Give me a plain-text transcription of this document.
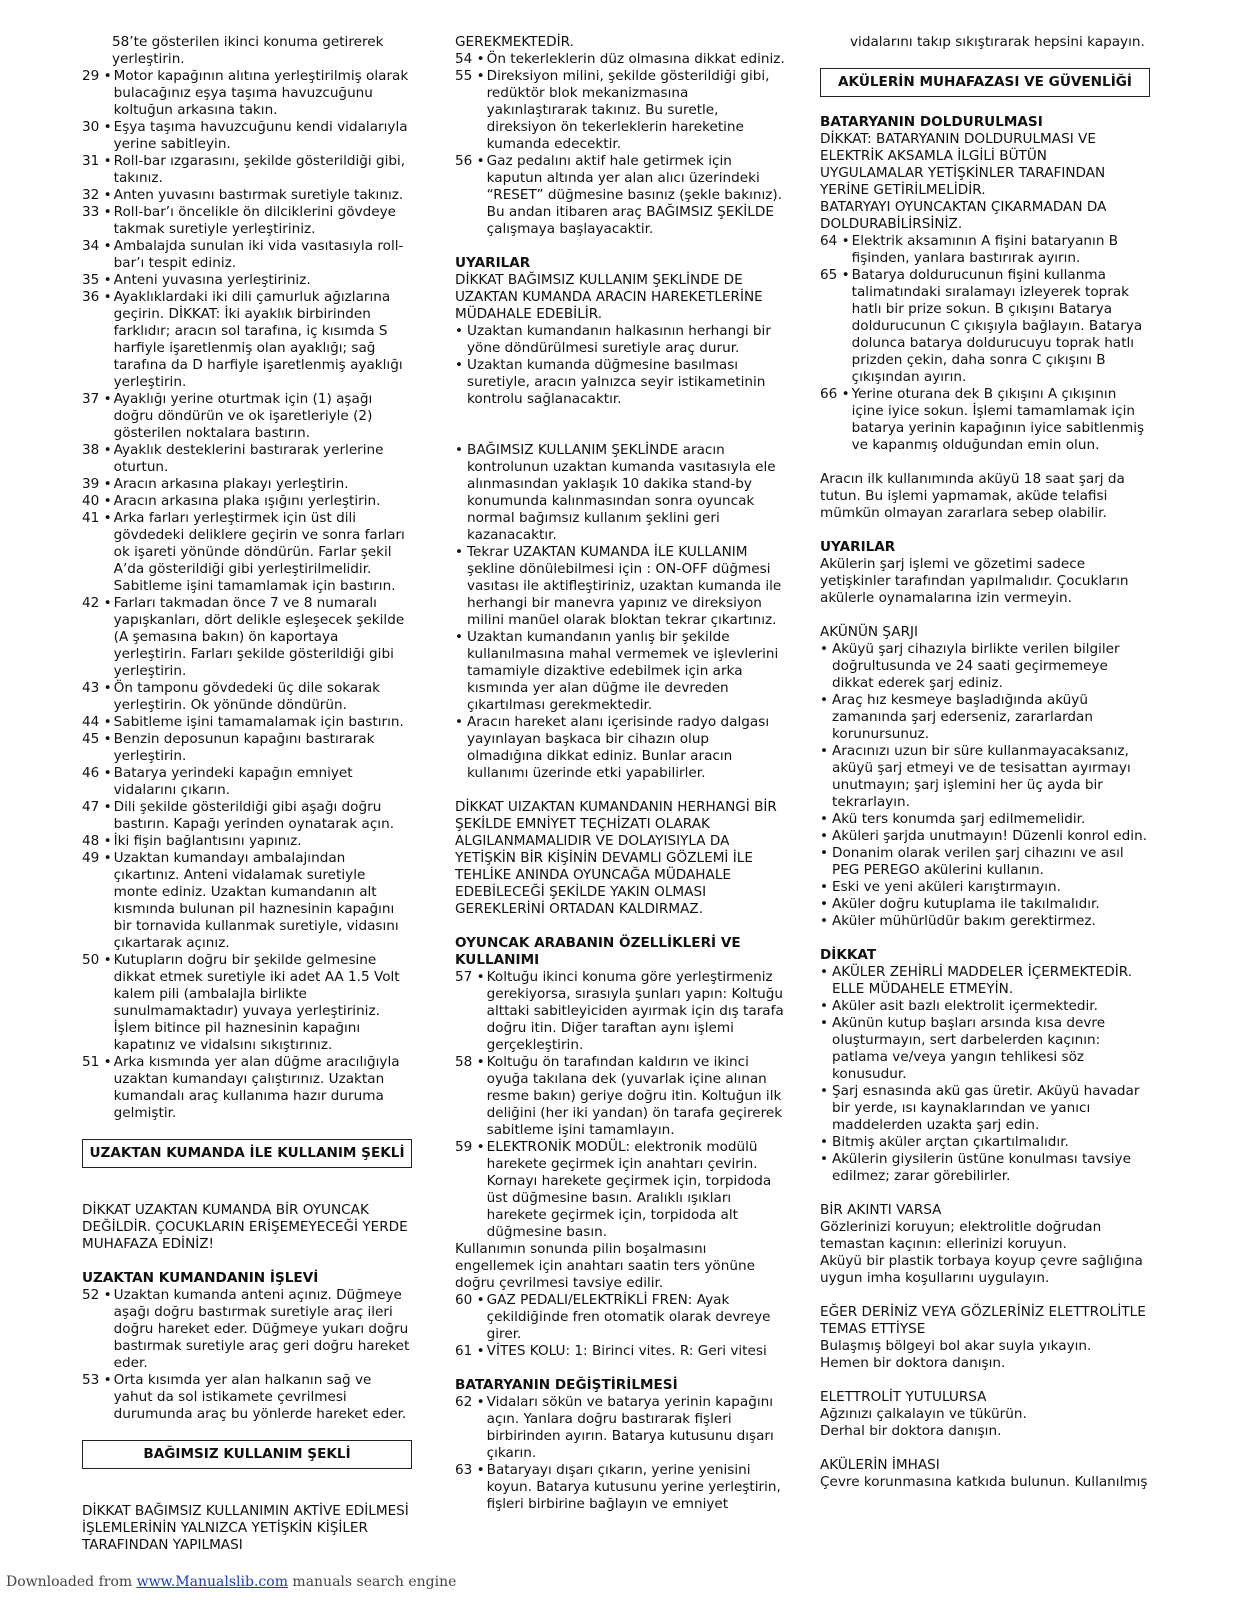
58’te gösterilen ikinci konuma getirerek yerleştirin.
29 • Motor kapağının alıtına yerleştirilmiş olarak bulacağınız eşya taşıma havuzcuğunu koltuğun arkasına takın.
30 • Eşya taşıma havuzcuğunu kendi vidalarıyla yerine sabitleyin.
31 • Roll-bar ızgarasını, şekilde gösterildiği gibi, takınız.
32 • Anten yuvasını bastırmak suretiyle takınız.
33 • Roll-bar’ı öncelikle ön dilciklerini gövdeye takmak suretiyle yerleştiriniz.
34 • Ambalajda sunulan iki vida vasıtasıyla roll-bar’ı tespit ediniz.
35 • Anteni yuvasına yerleştiriniz.
36 • Ayaklıklardaki iki dili çamurluk ağızlarına geçirin. DİKKAT: İki ayaklık birbirinden farklıdır; aracın sol tarafına, iç kısımda S harfiyle işaretlenmiş olan ayaklığı; sağ tarafına da D harfiyle işaretlenmiş ayaklığı yerleştirin.
37 • Ayaklığı yerine oturtmak için (1) aşağı doğru döndürün ve ok işaretleriyle (2) gösterilen noktalara bastırın.
38 • Ayaklık desteklerini bastırarak yerlerine oturtun.
39 • Aracın arkasına plakayı yerleştirin.
40 • Aracın arkasına plaka ışığını yerleştirin.
41 • Arka farları yerleştirmek için üst dili gövdedeki deliklere geçirin ve sonra farları ok işareti yönünde döndürün. Farlar şekil A’da gösterildiği gibi yerleştirilmelidir. Sabitleme işini tamamlamak için bastırın.
42 • Farları takmadan önce 7 ve 8 numaralı yapışkanları, dört delikle eşleşecek şekilde (A şemasına bakın) ön kaportaya yerleştirin. Farları şekilde gösterildiği gibi yerleştirin.
43 • Ön tamponu gövdedeki üç dile sokarak yerleştirin. Ok yönünde döndürün.
44 • Sabitleme işini tamamalamak için bastırın.
45 • Benzin deposunun kapağını bastırarak yerleştirin.
46 • Batarya yerindeki kapağın emniyet vidalarını çıkarın.
47 • Dili şekilde gösterildiği gibi aşağı doğru bastırın. Kapağı yerinden oynatarak açın.
48 • İki fişin bağlantısını yapınız.
49 • Uzaktan kumandayı ambalajından çıkartınız. Anteni vidalamak suretiyle monte ediniz. Uzaktan kumandanın alt kısmında bulunan pil haznesinin kapağını bir tornavida kullanmak suretiyle, vidasını çıkartarak açınız.
50 • Kutupların doğru bir şekilde gelmesine dikkat etmek suretiyle iki adet AA 1.5 Volt kalem pili (ambalajla birlikte sunulmamaktadır) yuvaya yerleştiriniz. İşlem bitince pil haznesinin kapağını kapatınız ve vidalsını sıkıştırınız.
51 • Arka kısmında yer alan düğme aracılığıyla uzaktan kumandayı çalıştırınız. Uzaktan kumandalı araç kullanıma hazır duruma gelmiştir.
UZAKTAN KUMANDA İLE KULLANIM ŞEKLİ
DİKKAT UZAKTAN KUMANDA BİR OYUNCAK DEĞİLDİR. ÇOCUKLARIN ERİŞEMEYECEĞİ YERDE MUHAFAZA EDİNİZ!
UZAKTAN KUMANDANIN İŞLEVİ
52 • Uzaktan kumanda anteni açınız. Düğmeye aşağı doğru bastırmak suretiyle araç ileri doğru hareket eder. Düğmeye yukarı doğru bastırmak suretiyle araç geri doğru hareket eder.
53 • Orta kısımda yer alan halkanın sağ ve yahut da sol istikamete çevrilmesi durumunda araç bu yönlerde hareket eder.
BAĞIMSIZ KULLANIM ŞEKLİ
DİKKAT BAĞIMSIZ KULLANIMIN AKTİVE EDİLMESİ İŞLEMLERİNİN YALNIZCA YETİŞKİN KİŞİLER TARAFINDAN YAPILMASI
GEREKMEKTEDİR.
54 • Ön tekerleklerin düz olmasına dikkat ediniz.
55 • Direksiyon milini, şekilde gösterildiği gibi, redüktör blok mekanizmasına yakınlaştırarak takınız. Bu suretle, direksiyon ön tekerleklerin hareketine kumanda edecektir.
56 • Gaz pedalını aktif hale getirmek için kaputun altında yer alan alıcı üzerindeki “RESET” düğmesine basınız (şekle bakınız). Bu andan itibaren araç BAĞIMSIZ ŞEKİLDE çalışmaya başlayacaktir.
UYARILAR
DİKKAT BAĞIMSIZ KULLANIM ŞEKLİNDE DE UZAKTAN KUMANDA ARACIN HAREKETLERİNE MÜDAHALE EDEBİLİR.
• Uzaktan kumandanın halkasının herhangi bir yöne döndürülmesi suretiyle araç durur.
• Uzaktan kumanda düğmesine basılması suretiyle, aracın yalnızca seyir istikametinin kontrolu sağlanacaktır.
• BAĞIMSIZ KULLANIM ŞEKLİNDE aracın kontrolunun uzaktan kumanda vasıtasıyla ele alınmasından yaklaşık 10 dakika stand-by konumunda kalınmasından sonra oyuncak normal bağımsız kullanım şeklini geri kazanacaktır.
• Tekrar UZAKTAN KUMANDA İLE KULLANIM şekline dönülebilmesi için : ON-OFF düğmesi vasıtası ile aktifleştiriniz, uzaktan kumanda ile herhangi bir manevra yapınız ve direksiyon milini manüel olarak bloktan tekrar çıkartınız.
• Uzaktan kumandanın yanlış bir şekilde kullanılmasına mahal vermemek ve işlevlerini tamamiyle dizaktive edebilmek için arka kısmında yer alan düğme ile devreden çıkartılması gerekmektedir.
• Aracın hareket alanı içerisinde radyo dalgası yayınlayan başkaca bir cihazın olup olmadığına dikkat ediniz. Bunlar aracın kullanımı üzerinde etki yapabilirler.
DİKKAT UIZAKTAN KUMANDANIN HERHANGİ BİR ŞEKİLDE EMNİYET TEÇHİZATI OLARAK ALGILANMAMALIDIR VE DOLAYISIYLA DA YETİŞKİN BİR KİŞİNİN DEVAMLI GÖZLEMİ İLE TEHLİKE ANINDA OYUNCAĞA MÜDAHALE EDEBİLECEĞİ ŞEKİLDE YAKIN OLMASI GEREKLERİNİ ORTADAN KALDIRMAZ.
OYUNCAK ARABANIN ÖZELLİKLERİ VE KULLANIMI
57 • Koltuğu ikinci konuma göre yerleştirmeniz gerekiyorsa, sırasıyla şunları yapın: Koltuğu alttaki sabitleyiciden ayırmak için dış tarafa doğru itin. Diğer taraftan aynı işlemi gerçekleştirin.
58 • Koltuğu ön tarafından kaldırın ve ikinci oyuğa takılana dek (yuvarlak içine alınan resme bakın) geriye doğru itin. Koltuğun ilk deliğini (her iki yandan) ön tarafa geçirerek sabitleme işini tamamlayın.
59 • ELEKTRONİK MODÜL: elektronik modülü harekete geçirmek için anahtarı çevirin. Kornayı harekete geçirmek için, torpidoda üst düğmesine basın. Aralıklı ışıkları harekete geçirmek için, torpidoda alt düğmesine basın.
Kullanımın sonunda pilin boşalmasını engellemek için anahtarı saatin ters yönüne doğru çevrilmesi tavsiye edilir.
60 • GAZ PEDALI/ELEKTRİKLİ FREN: Ayak çekildiğinde fren otomatik olarak devreye girer.
61 • VİTES KOLU: 1: Birinci vites. R: Geri vitesi
BATARYANIN DEĞİŞTİRİLMESİ
62 • Vidaları sökün ve batarya yerinin kapağını açın. Yanlara doğru bastırarak fişleri birbirinden ayırın. Batarya kutusunu dışarı çıkarın.
63 • Bataryayı dışarı çıkarın, yerine yenisini koyun. Batarya kutusunu yerine yerleştirin, fişleri birbirine bağlayın ve emniyet
vidalarını takıp sıkıştırarak hepsini kapayın.
AKÜLERİN MUHAFAZASI VE GÜVENLİĞİ
BATARYANIN DOLDURULMASI
DİKKAT: BATARYANIN DOLDURULMASI VE ELEKTRİK AKSAMLA İLGİLİ BÜTÜN UYGULAMALAR YETİŞKİNLER TARAFINDAN YERİNE GETİRİLMELİDİR.
BATARYAYI OYUNCAKTAN ÇIKARMADAN DA DOLDURABİLİRSİNİZ.
64 • Elektrik aksamının A fişini bataryanın B fişinden, yanlara bastırırak ayırın.
65 • Batarya doldurucunun fişini kullanma talimatındaki sıralamayı izleyerek toprak hatlı bir prize sokun. B çıkışını Batarya doldurucunun C çıkışıyla bağlayın. Batarya dolunca batarya doldurucuyu toprak hatlı prizden çekin, daha sonra C çıkışını B çıkışından ayırın.
66 • Yerine oturana dek B çıkışını A çıkışının içine iyice sokun. İşlemi tamamlamak için batarya yerinin kapağının iyice sabitlenmiş ve kapanmış olduğundan emin olun.
Aracın ilk kullanımında aküyü 18 saat şarj da tutun. Bu işlemi yapmamak, aküde telafisi mümkün olmayan zararlara sebep olabilir.
UYARILAR
Akülerin şarj işlemi ve gözetimi sadece yetişkinler tarafından yapılmalıdır. Çocukların akülerle oynamalarına izin vermeyin.
AKÜNÜN ŞARJI
• Aküyü şarj cihazıyla birlikte verilen bilgiler doğrultusunda ve 24 saati geçirmemeye dikkat ederek şarj ediniz.
• Araç hız kesmeye başladığında aküyü zamanında şarj ederseniz, zararlardan korunursunuz.
• Aracınızı uzun bir süre kullanmayacaksanız, aküyü şarj etmeyi ve de tesisattan ayırmayı unutmayın; şarj işlemini her üç ayda bir tekrarlayın.
• Akü ters konumda şarj edilmemelidir.
• Aküleri şarjda unutmayın! Düzenli konrol edin.
• Donanim olarak verilen şarj cihazını ve asıl PEG PEREGO akülerini kullanın.
• Eski ve yeni aküleri karıştırmayın.
• Aküler doğru kutuplama ile takılmalıdır.
• Aküler mühürlüdür bakım gerektirmez.
DİKKAT
• AKÜLER ZEHİRLİ MADDELER İÇERMEKTEDİR. ELLE MÜDAHELE ETMEYİN.
• Aküler asit bazlı elektrolit içermektedir.
• Akünün kutup başları arsında kısa devre oluşturmayın, sert darbelerden kaçının: patlama ve/veya yangın tehlikesi söz konusudur.
• Şarj esnasında akü gas üretir. Aküyü havadar bir yerde, ısı kaynaklarından ve yanıcı maddelerden uzakta şarj edin.
• Bitmiş aküler arçtan çıkartılmalıdır.
• Akülerin giysilerin üstüne konulması tavsiye edilmez; zarar görebilirler.
BİR AKINTI VARSA
Gözlerinizi koruyun; elektrolitle doğrudan temastan kaçının: ellerinizi koruyun.
Aküyü bir plastik torbaya koyup çevre sağlığına uygun imha koşullarını uygulayın.
EĞER DERİNİZ VEYA GÖZLERİNİZ ELETTROLİTLE TEMAS ETTİYSE
Bulaşmış bölgeyi bol akar suyla yıkayın.
Hemen bir doktora danışın.
ELETTROLİT YUTULURSA
Ağzınızı çalkalayın ve tükürün.
Derhal bir doktora danışın.
AKÜLERİN İMHASI
Çevre korunmasına katkıda bulunun. Kullanılmış
Downloaded from www.Manualslib.com manuals search engine
